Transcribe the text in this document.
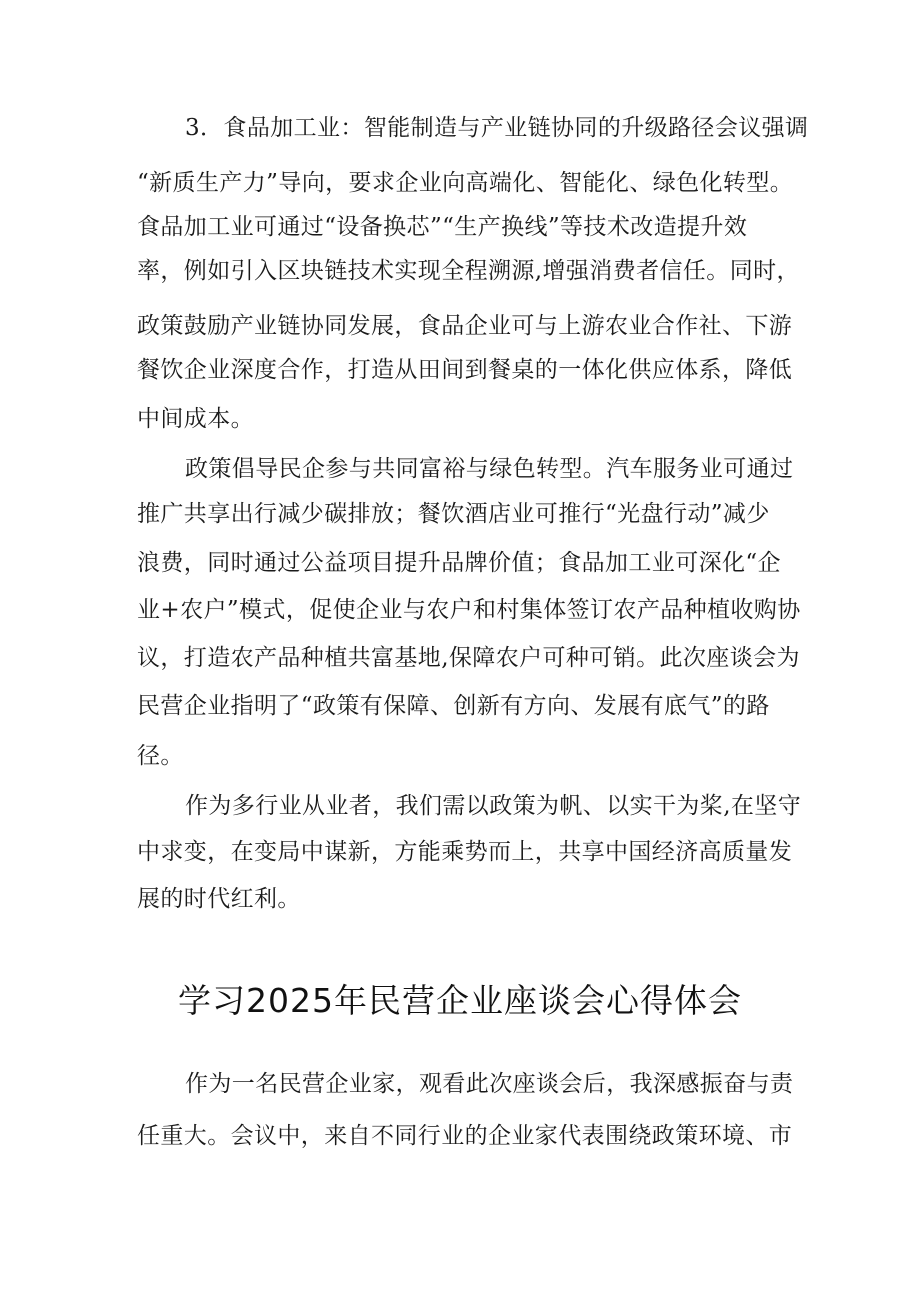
3．食品加工业：智能制造与产业链协同的升级路径会议强调
“新质生产力”导向，要求企业向高端化、智能化、绿色化转型。
食品加工业可通过“设备换芯”“生产换线”等技术改造提升效
率，例如引入区块链技术实现全程溯源,增强消费者信任。同时，
政策鼓励产业链协同发展，食品企业可与上游农业合作社、下游
餐饮企业深度合作，打造从田间到餐桌的一体化供应体系，降低
中间成本。
政策倡导民企参与共同富裕与绿色转型。汽车服务业可通过
推广共享出行减少碳排放；餐饮酒店业可推行“光盘行动”减少
浪费，同时通过公益项目提升品牌价值；食品加工业可深化“企
业+农户”模式，促使企业与农户和村集体签订农产品种植收购协
议，打造农产品种植共富基地,保障农户可种可销。此次座谈会为
民营企业指明了“政策有保障、创新有方向、发展有底气”的路
径。
作为多行业从业者，我们需以政策为帆、以实干为桨,在坚守
中求变，在变局中谋新，方能乘势而上，共享中国经济高质量发
展的时代红利。
学习2025年民营企业座谈会心得体会
作为一名民营企业家，观看此次座谈会后，我深感振奋与责
任重大。会议中，来自不同行业的企业家代表围绕政策环境、市
